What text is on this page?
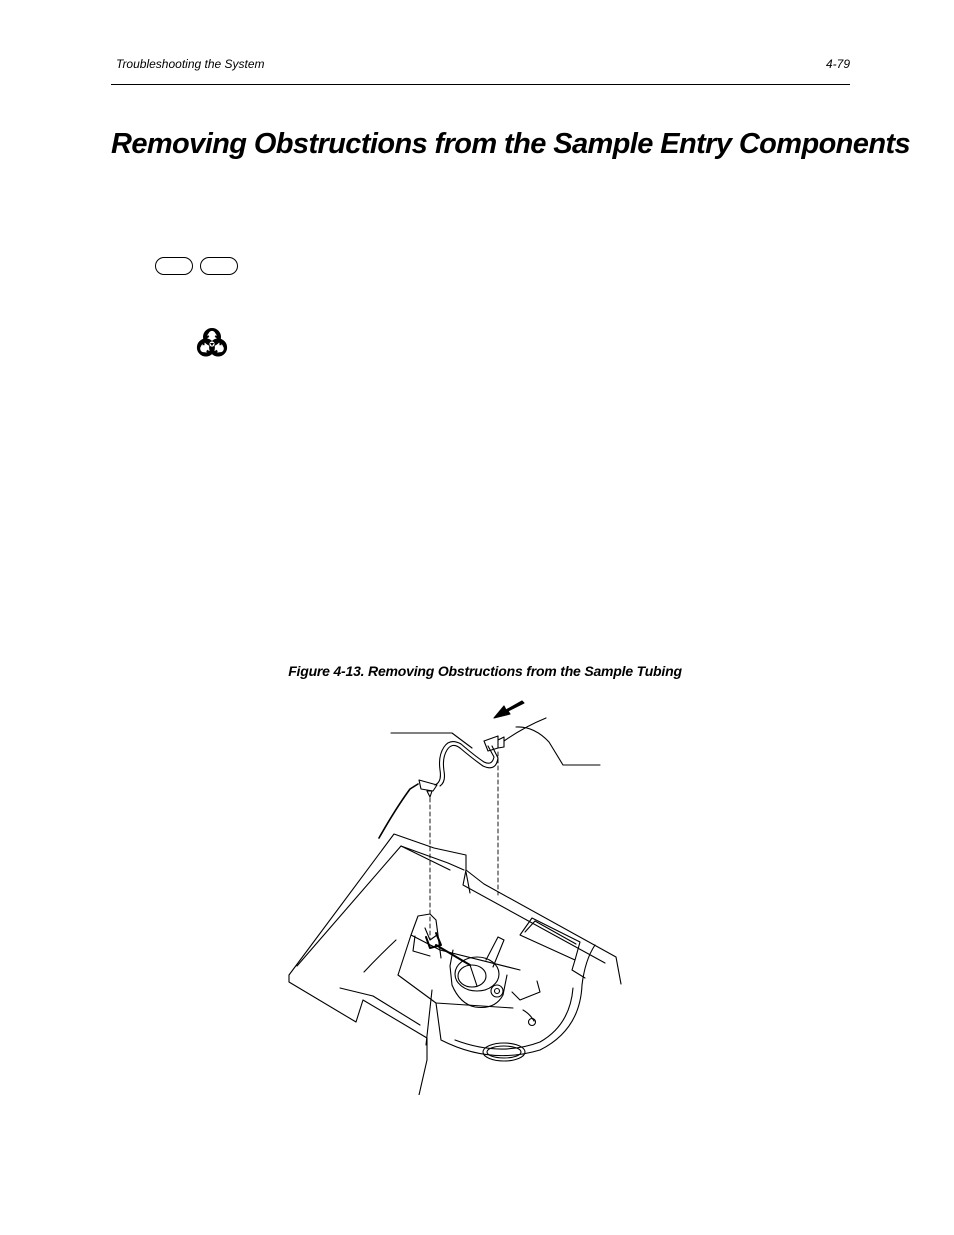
Troubleshooting the System	4-79
Removing Obstructions from the Sample Entry Components
Figure 4-13. Removing Obstructions from the Sample Tubing
